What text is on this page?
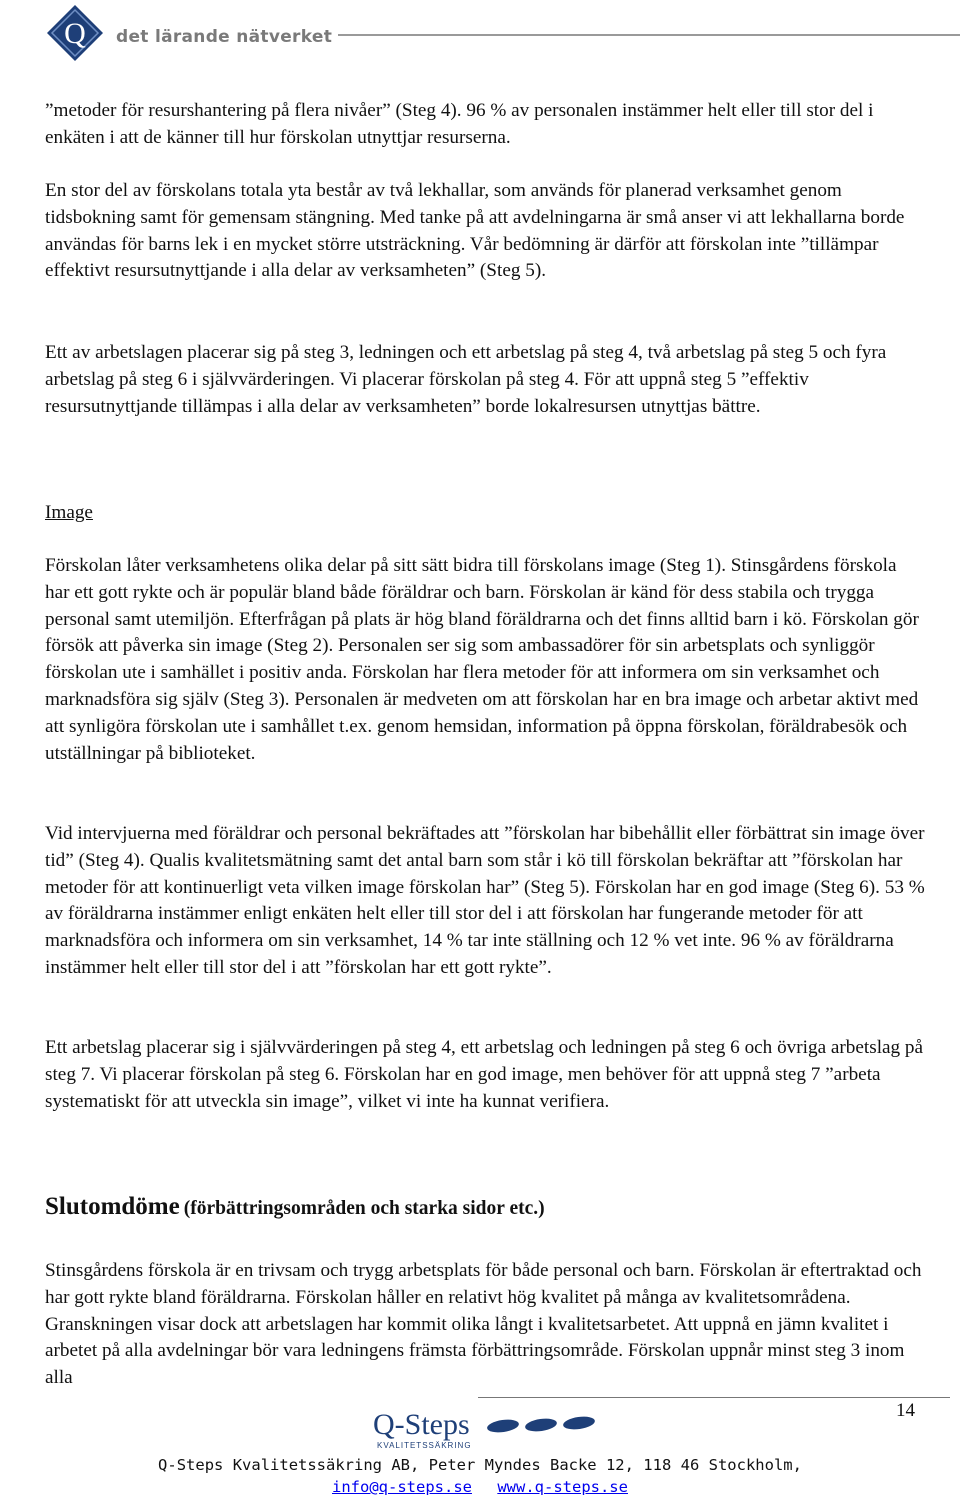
Q det lärande nätverket

”metoder för resurshantering på flera nivåer” (Steg 4). 96 % av personalen instämmer helt eller till stor del i enkäten i att de känner till hur förskolan utnyttjar resurserna.

En stor del av förskolans totala yta består av två lekhallar, som används för planerad verksamhet genom tidsbokning samt för gemensam stängning. Med tanke på att avdelningarna är små anser vi att lekhallarna borde användas för barns lek i en mycket större utsträckning. Vår bedömning är därför att förskolan inte ”tillämpar effektivt resursutnyttjande i alla delar av verksamheten” (Steg 5).

Ett av arbetslagen placerar sig på steg 3, ledningen och ett arbetslag på steg 4, två arbetslag på steg 5 och fyra arbetslag på steg 6 i självvärderingen. Vi placerar förskolan på steg 4. För att uppnå steg 5 ”effektiv resursutnyttjande tillämpas i alla delar av verksamheten” borde lokalresursen utnyttjas bättre.

Image

Förskolan låter verksamhetens olika delar på sitt sätt bidra till förskolans image (Steg 1). Stinsgårdens förskola har ett gott rykte och är populär bland både föräldrar och barn. Förskolan är känd för dess stabila och trygga personal samt utemiljön. Efterfrågan på plats är hög bland föräldrarna och det finns alltid barn i kö. Förskolan gör försök att påverka sin image (Steg 2). Personalen ser sig som ambassadörer för sin arbetsplats och synliggör förskolan ute i samhället i positiv anda. Förskolan har flera metoder för att informera om sin verksamhet och marknadsföra sig själv (Steg 3). Personalen är medveten om att förskolan har en bra image och arbetar aktivt med att synligöra förskolan ute i samhållet t.ex. genom hemsidan, information på öppna förskolan, föräldrabesök och utställningar på biblioteket.

Vid intervjuerna med föräldrar och personal bekräftades att ”förskolan har bibehållit eller förbättrat sin image över tid” (Steg 4). Qualis kvalitetsmätning samt det antal barn som står i kö till förskolan bekräftar att ”förskolan har metoder för att kontinuerligt veta vilken image förskolan har” (Steg 5). Förskolan har en god image (Steg 6). 53 % av föräldrarna instämmer enligt enkäten helt eller till stor del i att förskolan har fungerande metoder för att marknadsföra och informera om sin verksamhet, 14 % tar inte ställning och 12 % vet inte. 96 % av föräldrarna instämmer helt eller till stor del i att ”förskolan har ett gott rykte”.

Ett arbetslag placerar sig i självvärderingen på steg 4, ett arbetslag och ledningen på steg 6 och övriga arbetslag på steg 7. Vi placerar förskolan på steg 6. Förskolan har en god image, men behöver för att uppnå steg 7 ”arbeta systematiskt för att utveckla sin image”, vilket vi inte ha kunnat verifiera.

Slutomdöme (förbättringsområden och starka sidor etc.)

Stinsgårdens förskola är en trivsam och trygg arbetsplats för både personal och barn. Förskolan är eftertraktad och har gott rykte bland föräldrarna. Förskolan håller en relativt hög kvalitet på många av kvalitetsområdena. Granskningen visar dock att arbetslagen har kommit olika långt i kvalitetsarbetet. Att uppnå en jämn kvalitet i arbetet på alla avdelningar bör vara ledningens främsta förbättringsområde. Förskolan uppnår minst steg 3 inom alla

14
Q-Steps
KVALITETSSÄKRING
Q-Steps Kvalitetssäkring AB, Peter Myndes Backe 12, 118 46 Stockholm,
info@q-steps.se www.q-steps.se
